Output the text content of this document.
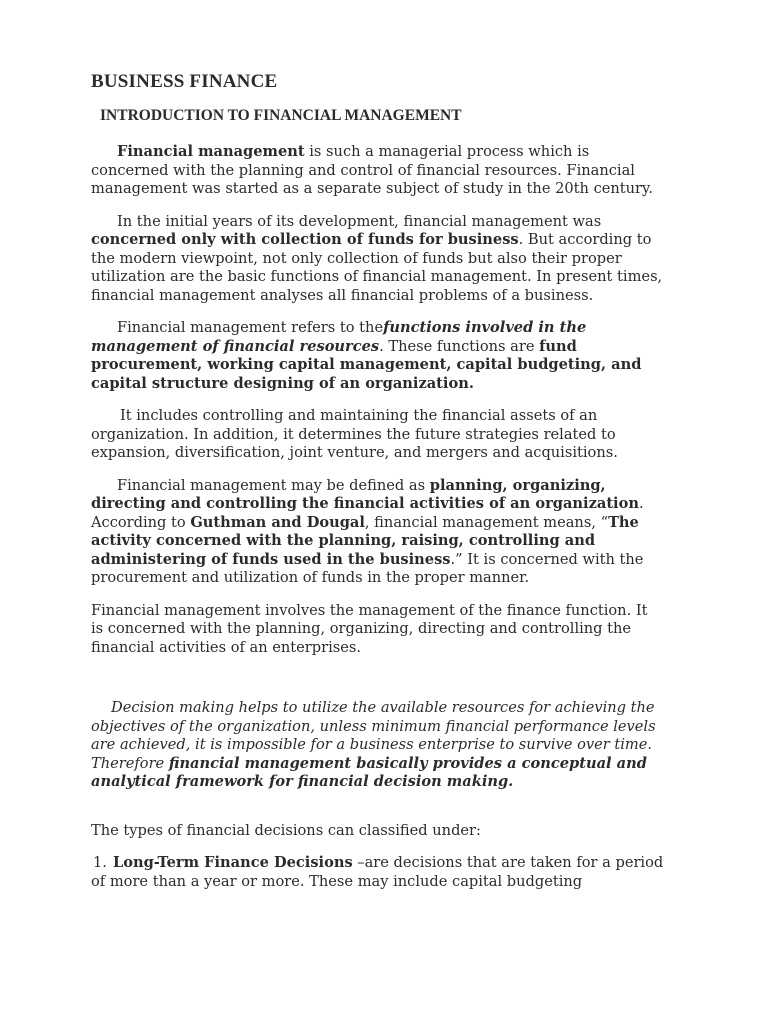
BUSINESS FINANCE
INTRODUCTION TO FINANCIAL MANAGEMENT

Financial management is such a managerial process which is concerned with the planning and control of financial resources. Financial management was started as a separate subject of study in the 20th century.

In the initial years of its development, financial management was concerned only with collection of funds for business. But according to the modern viewpoint, not only collection of funds but also their proper utilization are the basic functions of financial management. In present times, financial management analyses all financial problems of a business.

Financial management refers to thefunctions involved in the management of financial resources. These functions are fund procurement, working capital management, capital budgeting, and capital structure designing of an organization.

It includes controlling and maintaining the financial assets of an organization. In addition, it determines the future strategies related to expansion, diversification, joint venture, and mergers and acquisitions.

Financial management may be defined as planning, organizing, directing and controlling the financial activities of an organization. According to Guthman and Dougal, financial management means, “The activity concerned with the planning, raising, controlling and administering of funds used in the business.” It is concerned with the procurement and utilization of funds in the proper manner.

Financial management involves the management of the finance function. It is concerned with the planning, organizing, directing and controlling the financial activities of an enterprises.

Decision making helps to utilize the available resources for achieving the objectives of the organization, unless minimum financial performance levels are achieved, it is impossible for a business enterprise to survive over time. Therefore financial management basically provides a conceptual and analytical framework for financial decision making.

The types of financial decisions can classified under:

1. Long-Term Finance Decisions –are decisions that are taken for a period of more than a year or more. These may include capital budgeting
